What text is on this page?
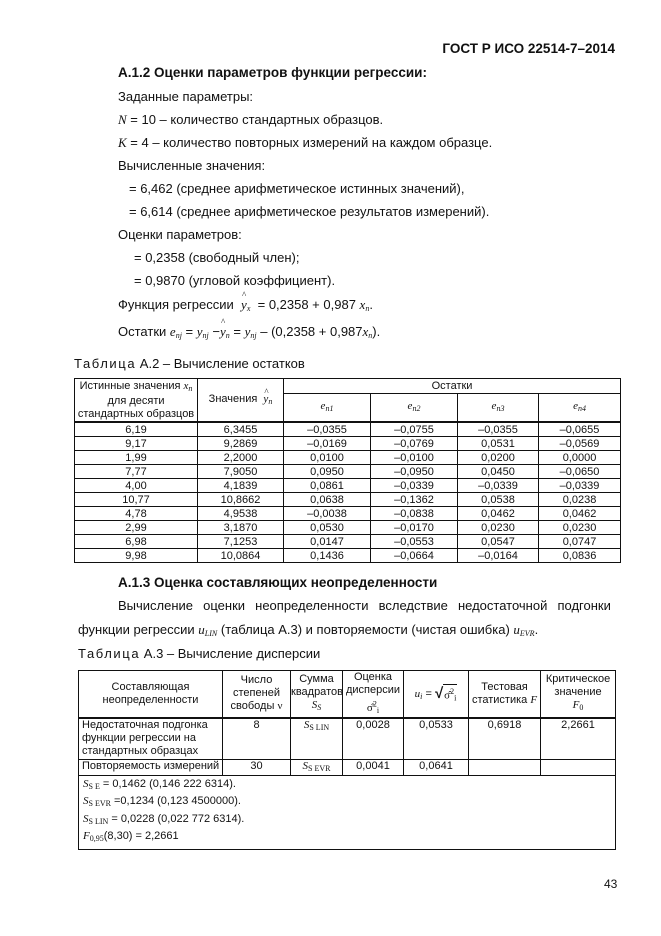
ГОСТ Р ИСО 22514-7–2014
А.1.2 Оценки параметров функции регрессии:
Заданные параметры:
N = 10 – количество стандартных образцов.
K = 4 – количество повторных измерений на каждом образце.
Вычисленные значения:
= 6,462 (среднее арифметическое истинных значений),
= 6,614 (среднее арифметическое результатов измерений).
Оценки параметров:
= 0,2358 (свободный член);
= 0,9870 (угловой коэффициент).
Функция регрессии ^ $y_x = 0,2358 + 0,987$ $x_n$.
Остатки $e_{nj} = y_{nj}$ −^ $y_n = y_{nj} - (0,2358 + 0,987x_n)$.
Таблица А.2 – Вычисление остатков
Истинные значения $x_n$
для десяти
стандартных образцов	Значения ^ $y_n$	Остатки			
		$e_{n1}$	$e_{n2}$	$e_{n3}$	$e_{n4}$
6,19	6,3455	–0,0355	–0,0755	–0,0355	–0,0655
9,17	9,2869	–0,0169	–0,0769	0,0531	–0,0569
1,99	2,2000	0,0100	–0,0100	0,0200	0,0000
7,77	7,9050	0,0950	–0,0950	0,0450	–0,0650
4,00	4,1839	0,0861	–0,0339	–0,0339	–0,0339
10,77	10,8662	0,0638	–0,1362	0,0538	0,0238
4,78	4,9538	–0,0038	–0,0838	0,0462	0,0462
2,99	3,1870	0,0530	–0,0170	0,0230	0,0230
6,98	7,1253	0,0147	–0,0553	0,0547	0,0747
9,98	10,0864	0,1436	–0,0664	–0,0164	0,0836
А.1.3 Оценка составляющих неопределенности
Вычисление оценки неопределенности вследствие недостаточной подгонки
функции регрессии $u_{LIN}$ (таблица А.3) и повторяемости (чистая ошибка) $u_{EVR}$.
Таблица А.3 – Вычисление дисперсии
Составляющая
неопределенности	Число
степеней
свободы ν	Сумма
квадратов
$S_S$	Оценка
дисперсии
σ̂$^2_i$	$u_i$ = √σ̂$^2_i$	Тестовая
статистика F	Критическое
значение
$F_0$
Недостаточная подгонка
функции регрессии на
стандартных образцах	8	$S_{S LIN}$	0,0028	0,0533	0,6918	2,2661
Повторяемость измерений	30	$S_{S EVR}$	0,0041	0,0641		

$S_{S E} = 0,1462$ (0,146 222 6314).
$S_{S EVR} =0,1234$ (0,123 4500000).
$S_{S LIN} = 0,0228$ (0,022 772 6314).
$F_{0,95}(8,30) = 2,2661$						
43
